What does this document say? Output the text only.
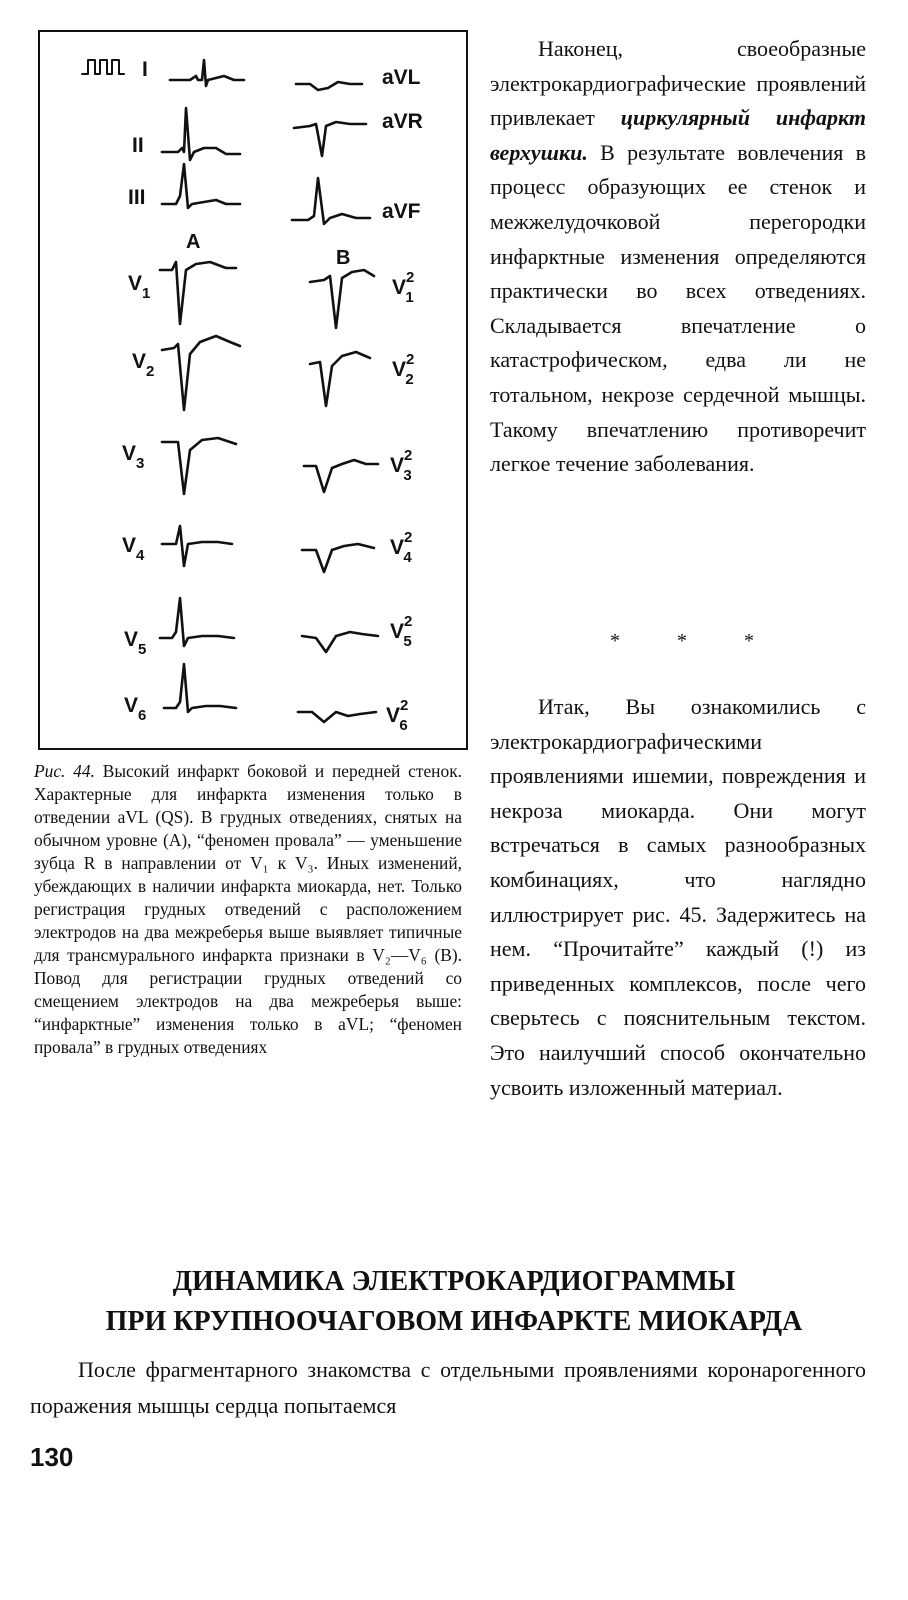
I
II
III
aVL
aVR
aVF
A
B
$V_1$
$V_2$
$V_3$
$V_4$
$V_5$
$V_6$
$V^2$ 1
$V^2$ 2
$V^2$ 3
$V^2$ 4
$V^2$ 5
$V^2$ 6
Рис. 44. Высокий инфаркт боковой и передней стенок. Характерные для инфаркта изменения только в отведении aVL (QS). В грудных отведениях, снятых на обычном уровне (А), “феномен провала” — уменьшение зубца R в направлении от V₁ к V₃. Иных изменений, убеждающих в наличии инфаркта миокарда, нет. Только регистрация грудных отведений с расположением электродов на два межреберья выше выявляет типичные для трансмурального инфаркта признаки в V₂—V₆ (B). Повод для регистрации грудных отведений со смещением электродов на два межреберья выше: “инфарктные” изменения только в aVL; “феномен провала” в грудных отведениях

Наконец, своеобразные электрокардиографические проявлений привлекает циркулярный инфаркт верхушки. В результате вовлечения в процесс образующих ее стенок и межжелудочковой перегородки инфарктные изменения определяются практически во всех отведениях. Складывается впечатление о катастрофическом, едва ли не тотальном, некрозе сердечной мышцы. Такому впечатлению противоречит легкое течение заболевания.

* * *

Итак, Вы ознакомились с электрокардиографическими проявлениями ишемии, повреждения и некроза миокарда. Они могут встречаться в самых разнообразных комбинациях, что наглядно иллюстрирует рис. 45. Задержитесь на нем. “Прочитайте” каждый (!) из приведенных комплексов, после чего сверьтесь с пояснительным текстом. Это наилучший способ окончательно усвоить изложенный материал.

ДИНАМИКА ЭЛЕКТРОКАРДИОГРАММЫ
ПРИ КРУПНООЧАГОВОМ ИНФАРКТЕ МИОКАРДА

После фрагментарного знакомства с отдельными проявлениями коронарогенного поражения мышцы сердца попытаемся

130
